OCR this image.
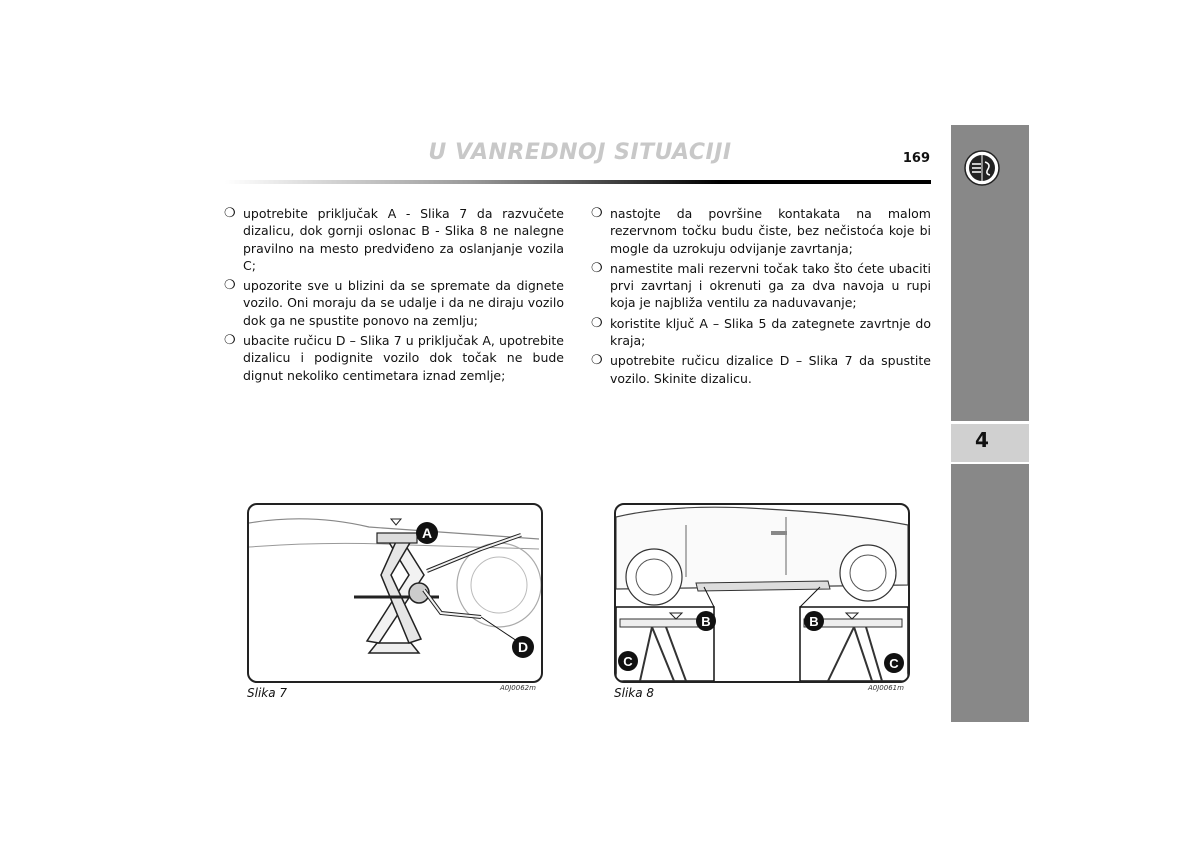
U VANREDNOJ SITUACIJI	169
4
❍ upotrebite priključak A - Slika 7 da razvučete dizalicu, dok gornji oslonac B - Slika 8 ne nalegne pravilno na mesto predviđeno za oslanjanje vozila C;
❍ upozorite sve u blizini da se spremate da dignete vozilo. Oni moraju da se udalje i da ne diraju vozilo dok ga ne spustite ponovo na zemlju;
❍ ubacite ručicu D – Slika 7 u priključak A, upotrebite dizalicu i podignite vozilo dok točak ne bude dignut nekoliko centimetara iznad zemlje;
❍ nastojte da površine kontakata na malom rezervnom točku budu čiste, bez nečistoća koje bi mogle da uzrokuju odvijanje zavrtanja;
❍ namestite mali rezervni točak tako što ćete ubaciti prvi zavrtanj i okrenuti ga za dva navoja u rupi koja je najbliža ventilu za naduvavanje;
❍ koristite ključ A – Slika 5 da zategnete zavrtnje do kraja;
❍ upotrebite ručicu dizalice D – Slika 7 da spustite vozilo. Skinite dizalicu.
A
D
Slika 7	A0J0062m
B
C
B
C
Slika 8	A0J0061m
